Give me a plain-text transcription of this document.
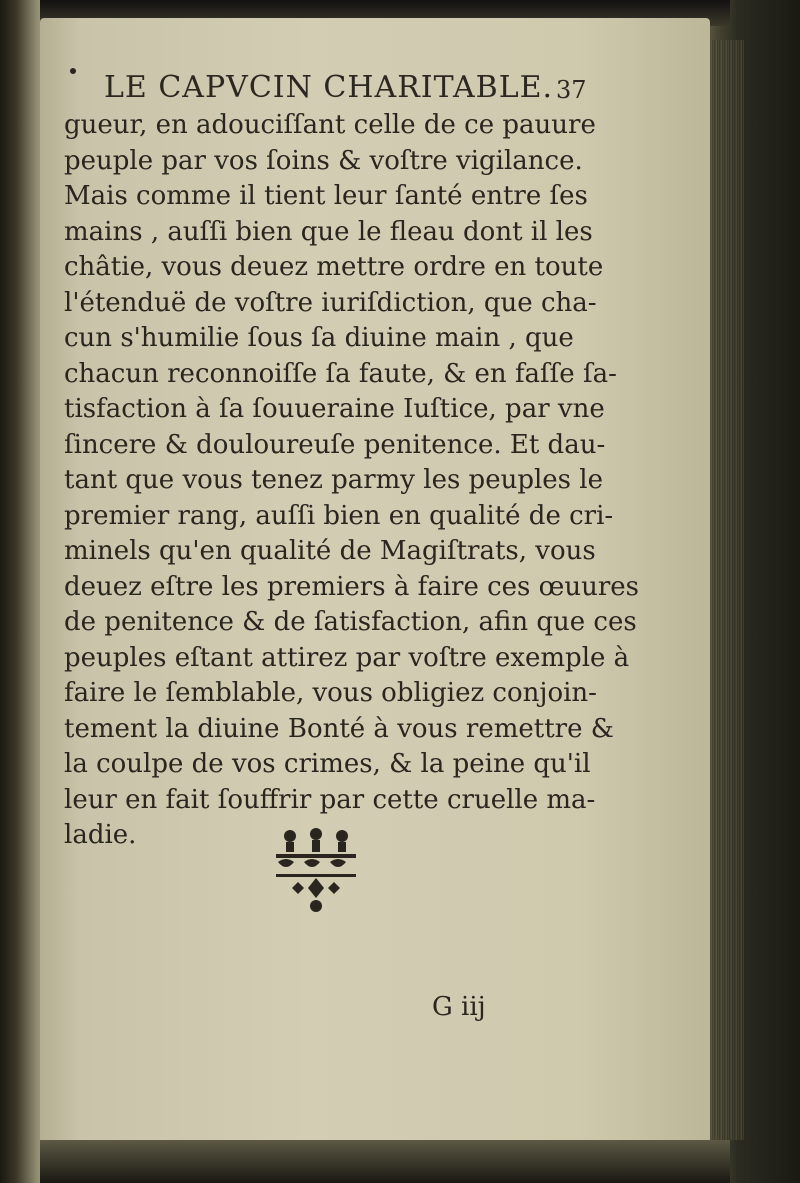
LE CAPVCIN CHARITABLE. 37
gueur, en adouciſſant celle de ce pauure
peuple par vos ſoins & voſtre vigilance.
Mais comme il tient leur ſanté entre ſes
mains , auſſi bien que le fleau dont il les
châtie, vous deuez mettre ordre en toute
l'étenduë de voſtre iuriſdiction, que cha-
cun s'humilie ſous ſa diuine main , que
chacun reconnoiſſe ſa faute, & en faſſe ſa-
tisfaction à ſa ſouueraine Iuſtice, par vne
ſincere & douloureuſe penitence. Et dau-
tant que vous tenez parmy les peuples le
premier rang, auſſi bien en qualité de cri-
minels qu'en qualité de Magiſtrats, vous
deuez eſtre les premiers à faire ces œuures
de penitence & de ſatisfaction, afin que ces
peuples eſtant attirez par voſtre exemple à
faire le ſemblable, vous obligiez conjoin-
tement la diuine Bonté à vous remettre &
la coulpe de vos crimes, & la peine qu'il
leur en fait ſouffrir par cette cruelle ma-
ladie.
G iij
